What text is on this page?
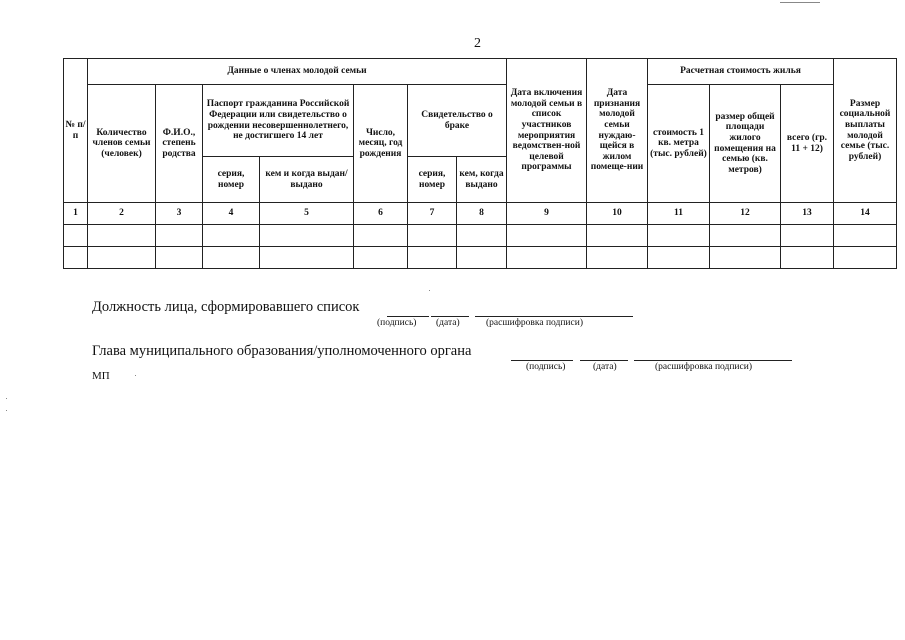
2
№ п/п	Данные о членах молодой семьи							Дата включения молодой семьи в список участников мероприятия ведомствен-ной целевой программы	Дата признания молодой семьи нуждаю-щейся в жилом помеще-нии	Расчетная стоимость жилья			Размер социальной выплаты молодой семье (тыс. рублей)
	Количество членов семьи (человек)	Ф.И.О., степень родства	Паспорт гражданина Российской Федерации или свидетельство о рождении несовершеннолетнего, не достигшего 14 лет		Число, месяц, год рождения	Свидетельство о браке				стоимость 1 кв. метра (тыс. рублей)	размер общей площади жилого помещения на семью (кв. метров)	всего (гр. 11 + 12)	
			серия, номер	кем и когда выдан/выдано		серия, номер	кем, когда выдано						
1	2	3	4	5	6	7	8	9	10	11	12	13	14

Должность лица, сформировавшего список
(подпись) (дата)	(расшифровка подписи)
Глава муниципального образования/уполномоченного органа
(подпись)	(дата)	(расшифровка подписи)
МП
